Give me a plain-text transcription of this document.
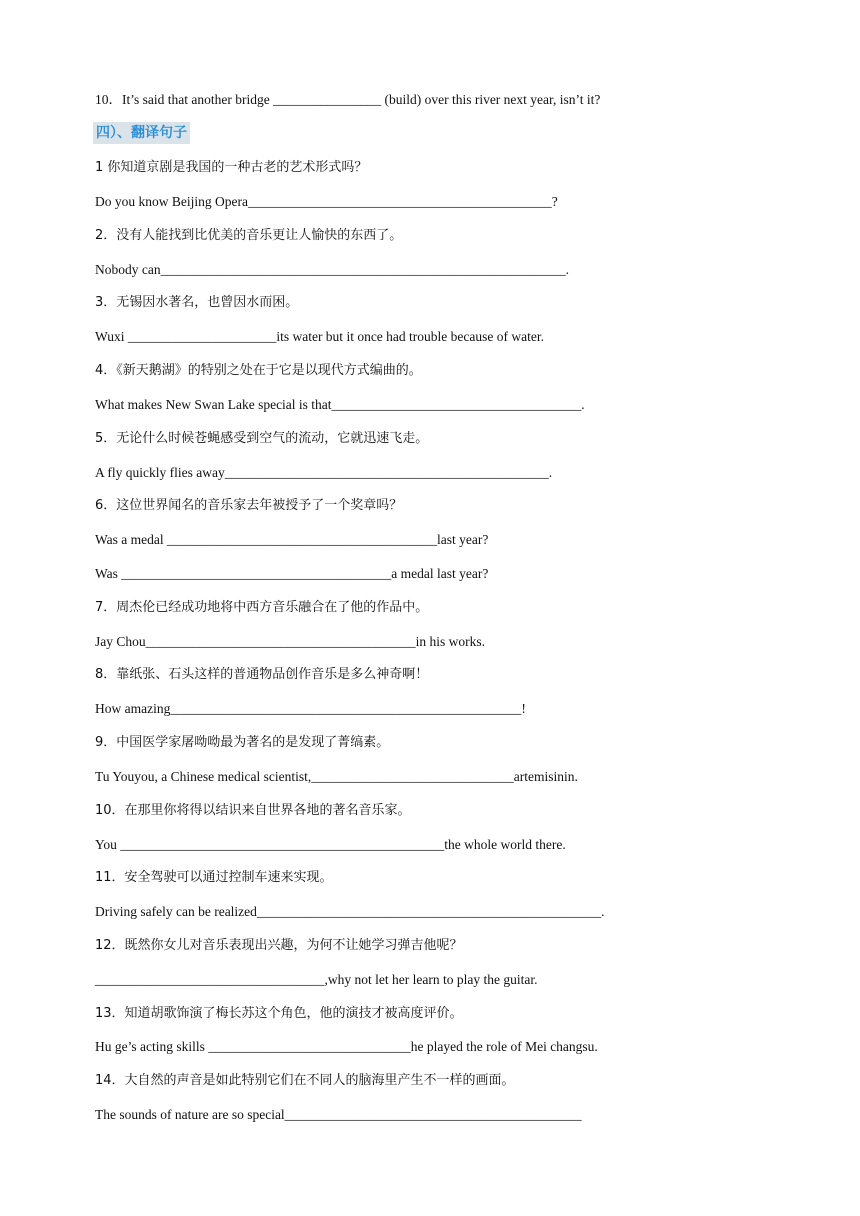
10．It’s said that another bridge ________________ (build) over this river next year, isn’t it?
四）、翻译句子
1 你知道京剧是我国的一种古老的艺术形式吗？
Do you know Beijing Opera_____________________________________________?
2．没有人能找到比优美的音乐更让人愉快的东西了。
Nobody can____________________________________________________________.
3．无锡因水著名，也曾因水而困。
Wuxi ______________________its water but it once had trouble because of water.
4．《新天鹅湖》的特别之处在于它是以现代方式编曲的。
What makes New Swan Lake special is that_____________________________________.
5．无论什么时候苍蝇感受到空气的流动，它就迅速飞走。
A fly quickly flies away________________________________________________.
6．这位世界闻名的音乐家去年被授予了一个奖章吗？
Was a medal ________________________________________last year?
Was ________________________________________a medal last year?
7．周杰伦已经成功地将中西方音乐融合在了他的作品中。
Jay Chou________________________________________in his works.
8．靠纸张、石头这样的普通物品创作音乐是多么神奇啊！
How amazing____________________________________________________!
9．中国医学家屠呦呦最为著名的是发现了菁缟素。
Tu Youyou, a Chinese medical scientist,______________________________artemisinin.
10．在那里你将得以结识来自世界各地的著名音乐家。
You ________________________________________________the whole world there.
11．安全驾驶可以通过控制车速来实现。
Driving safely can be realized___________________________________________________.
12．既然你女儿对音乐表现出兴趣，为何不让她学习弹吉他呢？
__________________________________,why not let her learn to play the guitar.
13．知道胡歌饰演了梅长苏这个角色，他的演技才被高度评价。
Hu ge’s acting skills ______________________________he played the role of Mei changsu.
14．大自然的声音是如此特别它们在不同人的脑海里产生不一样的画面。
The sounds of nature are so special____________________________________________
